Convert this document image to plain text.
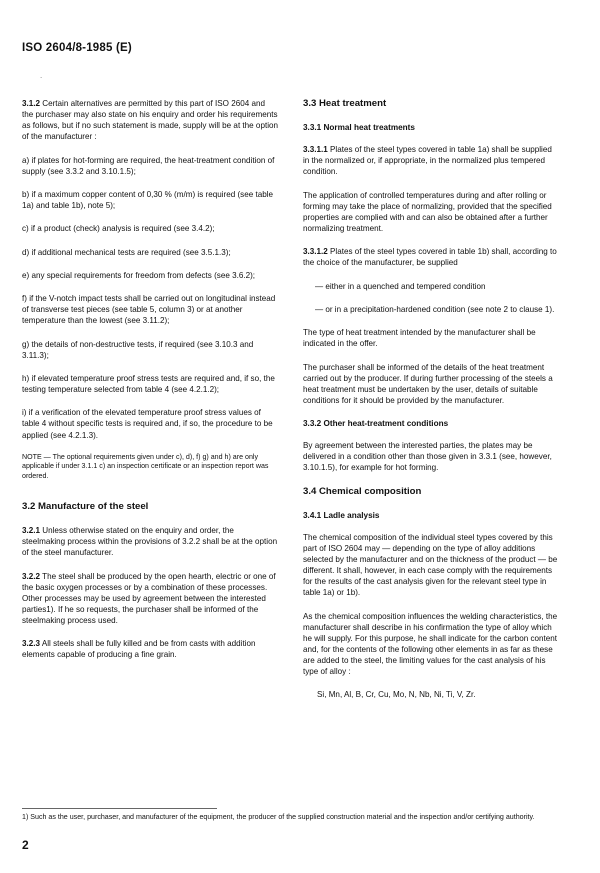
ISO 2604/8-1985 (E)
.

3.1.2 Certain alternatives are permitted by this part of ISO 2604 and the purchaser may also state on his enquiry and order his requirements as follows, but if no such statement is made, supply will be at the option of the manufacturer :

a) if plates for hot-forming are required, the heat-treatment condition of supply (see 3.3.2 and 3.10.1.5);

b) if a maximum copper content of 0,30 % (m/m) is required (see table 1a) and table 1b), note 5);

c) if a product (check) analysis is required (see 3.4.2);

d) if additional mechanical tests are required (see 3.5.1.3);

e) any special requirements for freedom from defects (see 3.6.2);

f) if the V-notch impact tests shall be carried out on longitudinal instead of transverse test pieces (see table 5, column 3) or at another temperature than the lowest (see 3.11.2);

g) the details of non-destructive tests, if required (see 3.10.3 and 3.11.3);

h) if elevated temperature proof stress tests are required and, if so, the testing temperature selected from table 4 (see 4.2.1.2);

i) if a verification of the elevated temperature proof stress values of table 4 without specific tests is required and, if so, the procedure to be applied (see 4.2.1.3).

NOTE — The optional requirements given under c), d), f) g) and h) are only applicable if under 3.1.1 c) an inspection certificate or an inspection report was ordered.

3.2 Manufacture of the steel

3.2.1 Unless otherwise stated on the enquiry and order, the steelmaking process within the provisions of 3.2.2 shall be at the option of the steel manufacturer.

3.2.2 The steel shall be produced by the open hearth, electric or one of the basic oxygen processes or by a combination of these processes. Other processes may be used by agreement between the interested parties1). If he so requests, the purchaser shall be informed of the steelmaking process used.

3.2.3 All steels shall be fully killed and be from casts with addition elements capable of producing a fine grain.

3.3 Heat treatment
3.3.1 Normal heat treatments

3.3.1.1 Plates of the steel types covered in table 1a) shall be supplied in the normalized or, if appropriate, in the normalized plus tempered condition.

The application of controlled temperatures during and after rolling or forming may take the place of normalizing, provided that the specified properties are complied with and can also be obtained after a further normalizing treatment.

3.3.1.2 Plates of the steel types covered in table 1b) shall, according to the choice of the manufacturer, be supplied

— either in a quenched and tempered condition

— or in a precipitation-hardened condition (see note 2 to clause 1).

The type of heat treatment intended by the manufacturer shall be indicated in the offer.

The purchaser shall be informed of the details of the heat treatment carried out by the producer. If during further processing of the steels a heat treatment must be undertaken by the user, details of suitable conditions for it should be provided by the manufacturer.

3.3.2 Other heat-treatment conditions

By agreement between the interested parties, the plates may be delivered in a condition other than those given in 3.3.1 (see, however, 3.10.1.5), for example for hot forming.

3.4 Chemical composition
3.4.1 Ladle analysis

The chemical composition of the individual steel types covered by this part of ISO 2604 may — depending on the type of alloy additions selected by the manufacturer and on the thickness of the product — be different. It shall, however, in each case comply with the requirements for the results of the cast analysis given for the relevant steel type in table 1a) or 1b).

As the chemical composition influences the welding characteristics, the manufacturer shall describe in his confirmation the type of alloy which he will supply. For this purpose, he shall indicate for the carbon content and, for the contents of the following other elements in as far as these are added to the steel, the limiting values for the cast analysis of his type of alloy :

Si, Mn, Al, B, Cr, Cu, Mo, N, Nb, Ni, Ti, V, Zr.

1) Such as the user, purchaser, and manufacturer of the equipment, the producer of the supplied construction material and the inspection and/or certifying authority.
2
